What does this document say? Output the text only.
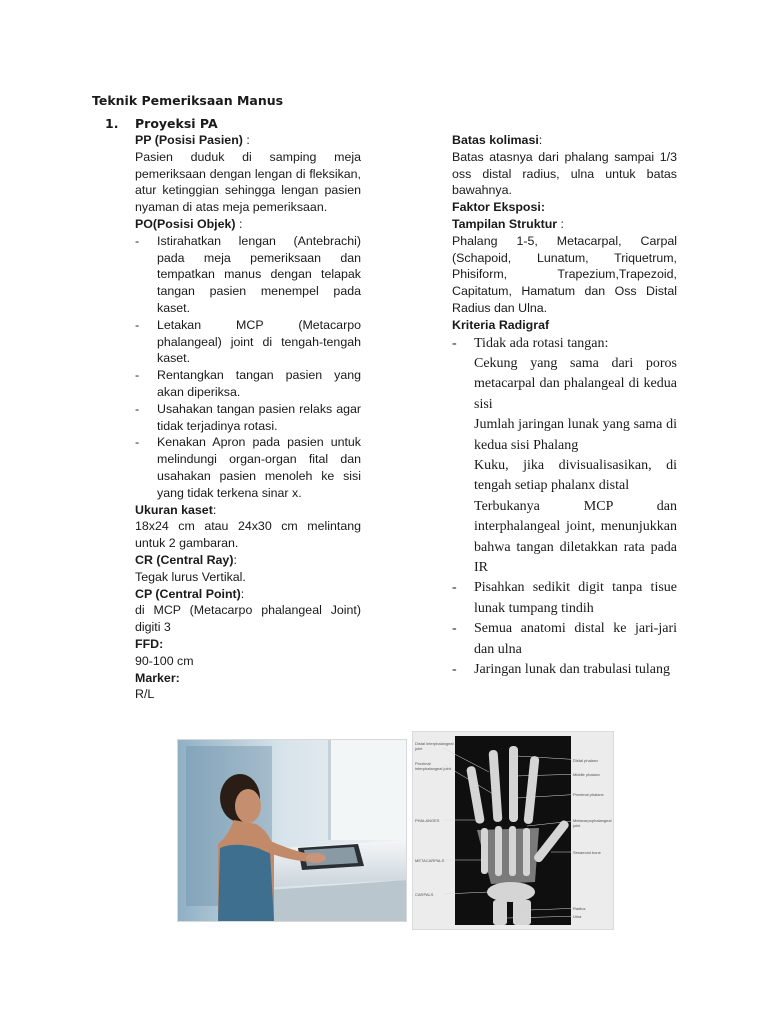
Teknik Pemeriksaan Manus
1. Proyeksi PA
PP (Posisi Pasien) :
Pasien duduk di samping meja pemeriksaan dengan lengan di fleksikan, atur ketinggian sehingga lengan pasien nyaman di atas meja pemeriksaan.
PO(Posisi Objek) :
-	Istirahatkan lengan (Antebrachi) pada meja pemeriksaan dan tempatkan manus dengan telapak tangan pasien menempel pada kaset.
-	Letakan MCP (Metacarpo phalangeal) joint di tengah-tengah kaset.
-	Rentangkan tangan pasien yang akan diperiksa.
-	Usahakan tangan pasien relaks agar tidak terjadinya rotasi.
-	Kenakan Apron pada pasien untuk melindungi organ-organ fital dan usahakan pasien menoleh ke sisi yang tidak terkena sinar x.
Ukuran kaset:
18x24 cm atau 24x30 cm melintang untuk 2 gambaran.
CR (Central Ray):
Tegak lurus Vertikal.
CP (Central Point):
di MCP (Metacarpo phalangeal Joint) digiti 3
FFD:
90-100 cm
Marker:
R/L
Batas kolimasi:
Batas atasnya dari phalang sampai 1/3 oss distal radius, ulna untuk batas bawahnya.
Faktor Eksposi:
Tampilan Struktur :
Phalang 1-5, Metacarpal, Carpal (Schapoid, Lunatum, Triquetrum, Phisiform, Trapezium,Trapezoid, Capitatum, Hamatum dan Oss Distal Radius dan Ulna.
Kriteria Radigraf
-	Tidak ada rotasi tangan:
Cekung yang sama dari poros metacarpal dan phalangeal di kedua sisi
Jumlah jaringan lunak yang sama di kedua sisi Phalang
Kuku, jika divisualisasikan, di tengah setiap phalanx distal
Terbukanya MCP dan interphalangeal joint, menunjukkan bahwa tangan diletakkan rata pada IR
-	Pisahkan sedikit digit tanpa tisue lunak tumpang tindih
-	Semua anatomi distal ke jari-jari dan ulna
-	Jaringan lunak dan trabulasi tulang
Distal interphalangeal joint
Proximal interphalangeal joint
PHALANGES
METACARPALS
CARPALS
Distal phalanx
Middle phalanx
Proximal phalanx
Metacarpophalangeal joint
Sesamoid bone
Radius
Ulna
